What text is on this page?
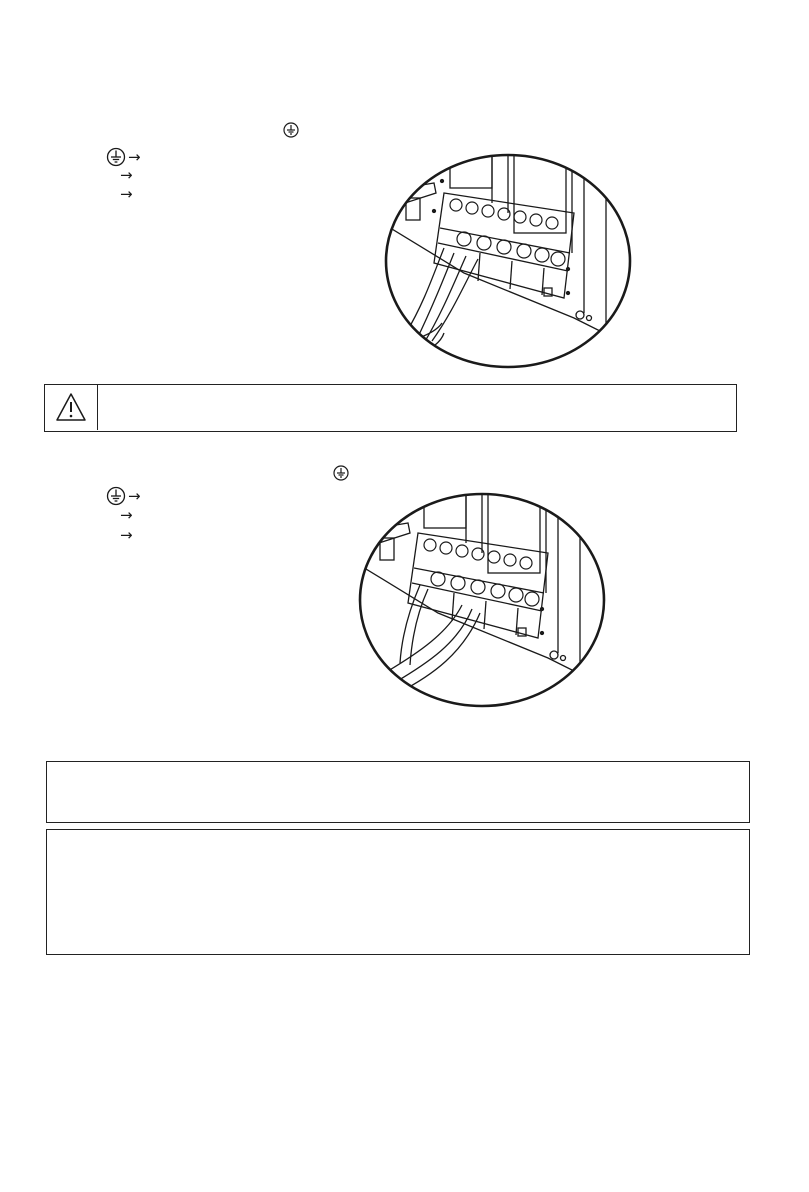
→
→
→
→
→
→
